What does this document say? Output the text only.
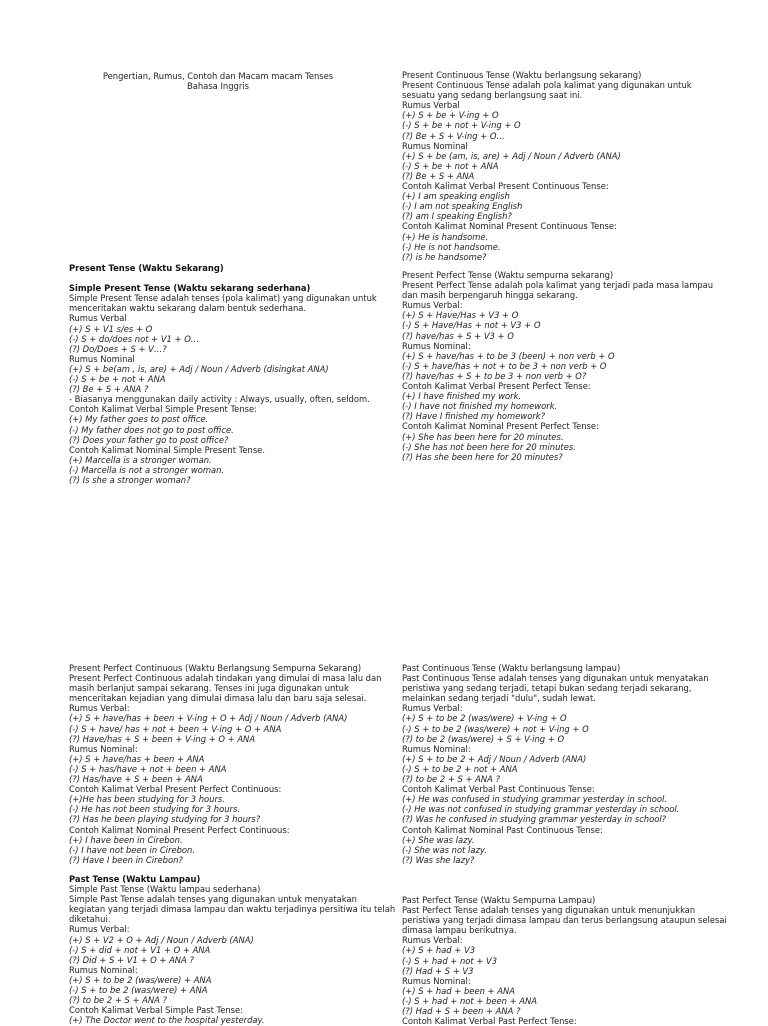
Pengertian, Rumus, Contoh dan Macam macam Tenses
Bahasa Inggris
Present Tense (Waktu Sekarang)
Simple Present Tense (Waktu sekarang sederhana)
Simple Present Tense adalah tenses (pola kalimat) yang digunakan untuk
menceritakan waktu sekarang dalam bentuk sederhana.
Rumus Verbal
(+) S + V1 s/es + O
(-) S + do/does not + V1 + O…
(?) Do/Does + S + V…?
Rumus Nominal
(+) S + be(am , is, are) + Adj / Noun / Adverb (disingkat ANA)
(-) S + be + not + ANA
(?) Be + S + ANA ?
- Biasanya menggunakan daily activity : Always, usually, often, seldom.
Contoh Kalimat Verbal Simple Present Tense:
(+) My father goes to post office.
(-) My father does not go to post office.
(?) Does your father go to post office?
Contoh Kalimat Nominal Simple Present Tense.
(+) Marcella is a stronger woman.
(-) Marcella is not a stronger woman.
(?) Is she a stronger woman?
Present Continuous Tense (Waktu berlangsung sekarang)
Present Continuous Tense adalah pola kalimat yang digunakan untuk
sesuatu yang sedang berlangsung saat ini.
Rumus Verbal
(+) S + be + V-ing + O
(-) S + be + not + V-ing + O
(?) Be + S + V-ing + O…
Rumus Nominal
(+) S + be (am, is, are) + Adj / Noun / Adverb (ANA)
(-) S + be + not + ANA
(?) Be + S + ANA
Contoh Kalimat Verbal Present Continuous Tense:
(+) I am speaking english
(-) I am not speaking English
(?) am I speaking English?
Contoh Kalimat Nominal Present Continuous Tense:
(+) He is handsome.
(-) He is not handsome.
(?) is he handsome?
Present Perfect Tense (Waktu sempurna sekarang)
Present Perfect Tense adalah pola kalimat yang terjadi pada masa lampau
dan masih berpengaruh hingga sekarang.
Rumus Verbal:
(+) S + Have/Has + V3 + O
(-) S + Have/Has + not + V3 + O
(?) have/has + S + V3 + O
Rumus Nominal:
(+) S + have/has + to be 3 (been) + non verb + O
(-) S + have/has + not + to be 3 + non verb + O
(?) have/has + S + to be 3 + non verb + O?
Contoh Kalimat Verbal Present Perfect Tense:
(+) I have finished my work.
(-) I have not finished my homework.
(?) Have I finished my homework?
Contoh Kalimat Nominal Present Perfect Tense:
(+) She has been here for 20 minutes.
(-) She has not been here for 20 minutes.
(?) Has she been here for 20 minutes?
Present Perfect Continuous (Waktu Berlangsung Sempurna Sekarang)
Present Perfect Continuous adalah tindakan yang dimulai di masa lalu dan
masih berlanjut sampai sekarang. Tenses ini juga digunakan untuk
menceritakan kejadian yang dimulai dimasa lalu dan baru saja selesai.
Rumus Verbal:
(+) S + have/has + been + V-ing + O + Adj / Noun / Adverb (ANA)
(-) S + have/ has + not + been + V-ing + O + ANA
(?) Have/has + S + been + V-ing + O + ANA
Rumus Nominal:
(+) S + have/has + been + ANA
(-) S + has/have + not + been + ANA
(?) Has/have + S + been + ANA
Contoh Kalimat Verbal Present Perfect Continuous:
(+)He has been studying for 3 hours.
(-) He has not been studying for 3 hours.
(?) Has he been playing studying for 3 hours?
Contoh Kalimat Nominal Present Perfect Continuous:
(+) I have been in Cirebon.
(-) I have not been in Cirebon.
(?) Have I been in Cirebon?
Past Continuous Tense (Waktu berlangsung lampau)
Past Continuous Tense adalah tenses yang digunakan untuk menyatakan
peristiwa yang sedang terjadi, tetapi bukan sedang terjadi sekarang,
melainkan sedang terjadi "dulu", sudah lewat.
Rumus Verbal:
(+) S + to be 2 (was/were) + V-ing + O
(-) S + to be 2 (was/were) + not + V-ing + O
(?) to be 2 (was/were) + S + V-ing + O
Rumus Nominal:
(+) S + to be 2 + Adj / Noun / Adverb (ANA)
(-) S + to be 2 + not + ANA
(?) to be 2 + S + ANA ?
Contoh Kalimat Verbal Past Continuous Tense:
(+) He was confused in studying grammar yesterday in school.
(-) He was not confused in studying grammar yesterday in school.
(?) Was he confused in studying grammar yesterday in school?
Contoh Kalimat Nominal Past Continuous Tense:
(+) She was lazy.
(-) She was not lazy.
(?) Was she lazy?
Past Tense (Waktu Lampau)
Simple Past Tense (Waktu lampau sederhana)
Simple Past Tense adalah tenses yang digunakan untuk menyatakan
kegiatan yang terjadi dimasa lampau dan waktu terjadinya persitiwa itu telah
diketahui.
Rumus Verbal:
(+) S + V2 + O + Adj / Noun / Adverb (ANA)
(-) S + did + not + V1 + O + ANA
(?) Did + S + V1 + O + ANA ?
Rumus Nominal:
(+) S + to be 2 (was/were) + ANA
(-) S + to be 2 (was/were) + ANA
(?) to be 2 + S + ANA ?
Contoh Kalimat Verbal Simple Past Tense:
(+) The Doctor went to the hospital yesterday.
Past Perfect Tense (Waktu Sempurna Lampau)
Past Perfect Tense adalah tenses yang digunakan untuk menunjukkan
peristiwa yang terjadi dimasa lampau dan terus berlangsung ataupun selesai
dimasa lampau berikutnya.
Rumus Verbal:
(+) S + had + V3
(-) S + had + not + V3
(?) Had + S + V3
Rumus Nominal:
(+) S + had + been + ANA
(-) S + had + not + been + ANA
(?) Had + S + been + ANA ?
Contoh Kalimat Verbal Past Perfect Tense:
